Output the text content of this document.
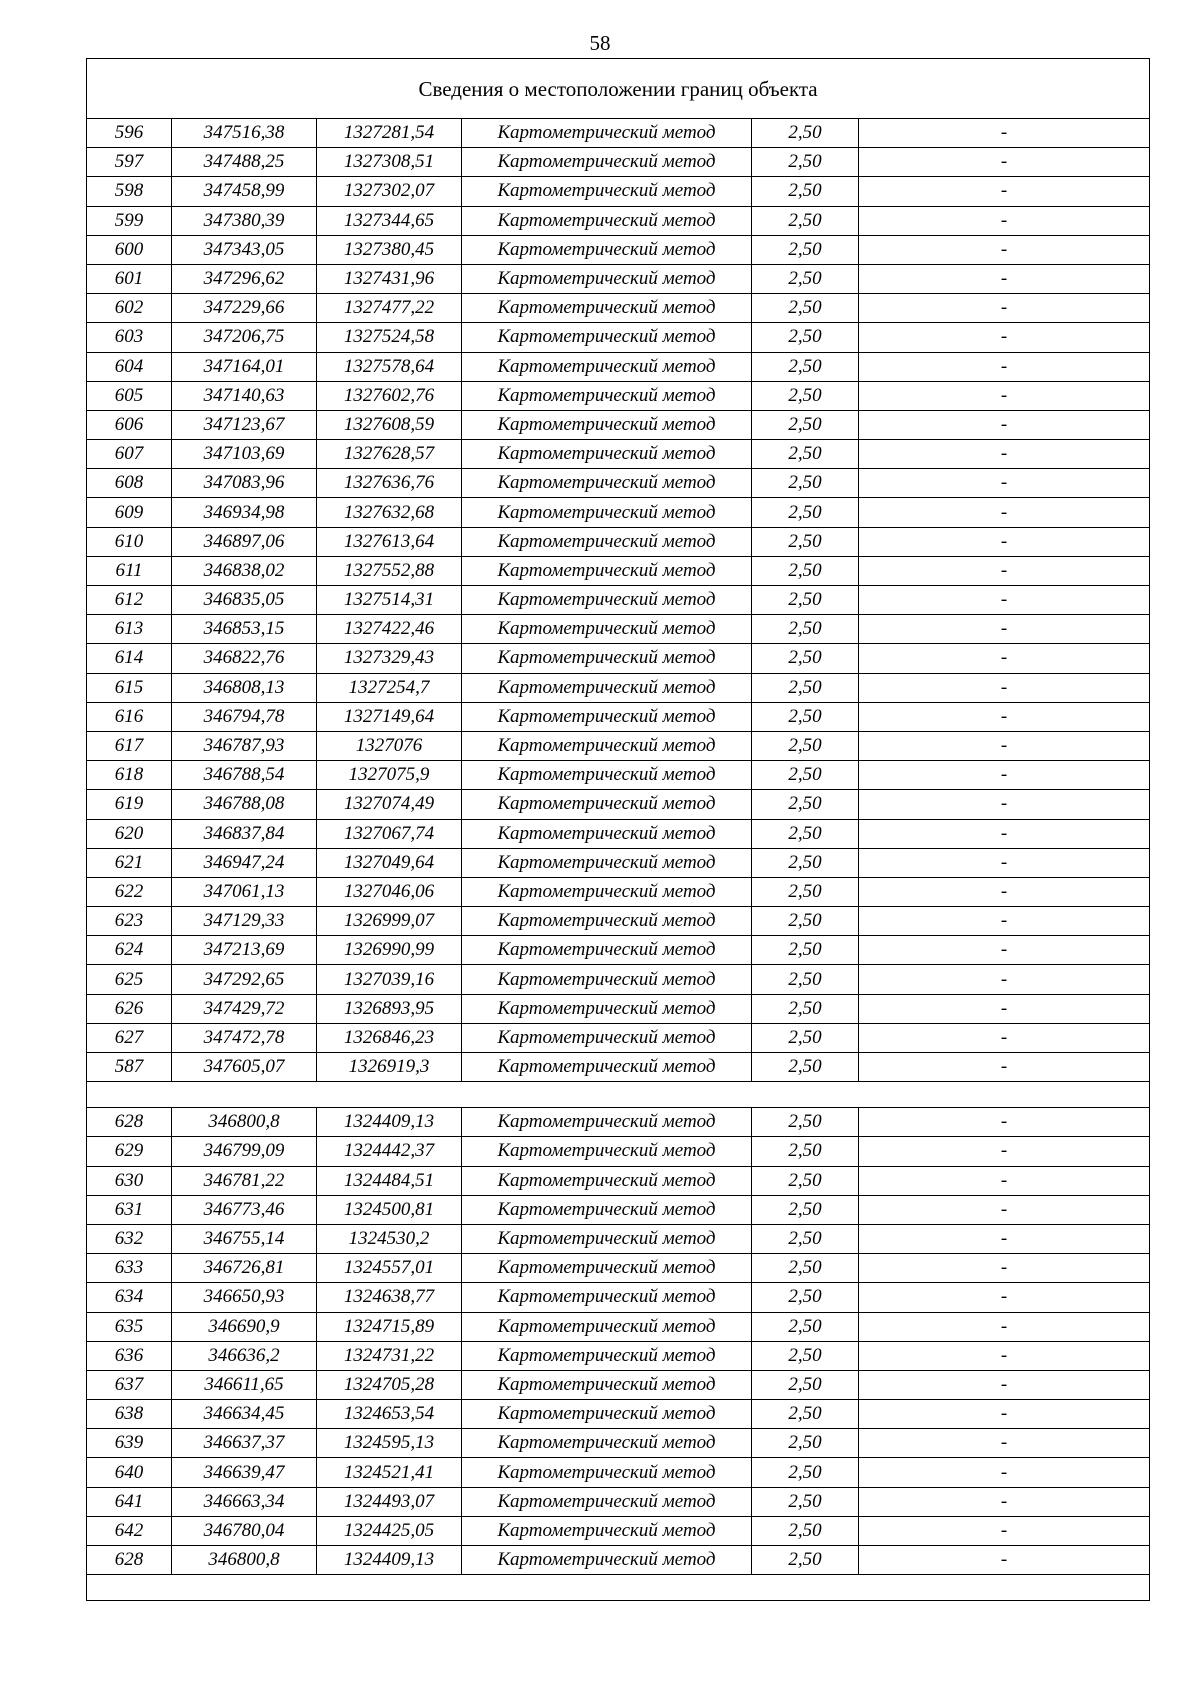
58
Сведения о местоположении границ объекта					
596	347516,38	1327281,54	Картометрический метод	2,50	-
597	347488,25	1327308,51	Картометрический метод	2,50	-
598	347458,99	1327302,07	Картометрический метод	2,50	-
599	347380,39	1327344,65	Картометрический метод	2,50	-
600	347343,05	1327380,45	Картометрический метод	2,50	-
601	347296,62	1327431,96	Картометрический метод	2,50	-
602	347229,66	1327477,22	Картометрический метод	2,50	-
603	347206,75	1327524,58	Картометрический метод	2,50	-
604	347164,01	1327578,64	Картометрический метод	2,50	-
605	347140,63	1327602,76	Картометрический метод	2,50	-
606	347123,67	1327608,59	Картометрический метод	2,50	-
607	347103,69	1327628,57	Картометрический метод	2,50	-
608	347083,96	1327636,76	Картометрический метод	2,50	-
609	346934,98	1327632,68	Картометрический метод	2,50	-
610	346897,06	1327613,64	Картометрический метод	2,50	-
611	346838,02	1327552,88	Картометрический метод	2,50	-
612	346835,05	1327514,31	Картометрический метод	2,50	-
613	346853,15	1327422,46	Картометрический метод	2,50	-
614	346822,76	1327329,43	Картометрический метод	2,50	-
615	346808,13	1327254,7	Картометрический метод	2,50	-
616	346794,78	1327149,64	Картометрический метод	2,50	-
617	346787,93	1327076	Картометрический метод	2,50	-
618	346788,54	1327075,9	Картометрический метод	2,50	-
619	346788,08	1327074,49	Картометрический метод	2,50	-
620	346837,84	1327067,74	Картометрический метод	2,50	-
621	346947,24	1327049,64	Картометрический метод	2,50	-
622	347061,13	1327046,06	Картометрический метод	2,50	-
623	347129,33	1326999,07	Картометрический метод	2,50	-
624	347213,69	1326990,99	Картометрический метод	2,50	-
625	347292,65	1327039,16	Картометрический метод	2,50	-
626	347429,72	1326893,95	Картометрический метод	2,50	-
627	347472,78	1326846,23	Картометрический метод	2,50	-
587	347605,07	1326919,3	Картометрический метод	2,50	-

628	346800,8	1324409,13	Картометрический метод	2,50	-
629	346799,09	1324442,37	Картометрический метод	2,50	-
630	346781,22	1324484,51	Картометрический метод	2,50	-
631	346773,46	1324500,81	Картометрический метод	2,50	-
632	346755,14	1324530,2	Картометрический метод	2,50	-
633	346726,81	1324557,01	Картометрический метод	2,50	-
634	346650,93	1324638,77	Картометрический метод	2,50	-
635	346690,9	1324715,89	Картометрический метод	2,50	-
636	346636,2	1324731,22	Картометрический метод	2,50	-
637	346611,65	1324705,28	Картометрический метод	2,50	-
638	346634,45	1324653,54	Картометрический метод	2,50	-
639	346637,37	1324595,13	Картометрический метод	2,50	-
640	346639,47	1324521,41	Картометрический метод	2,50	-
641	346663,34	1324493,07	Картометрический метод	2,50	-
642	346780,04	1324425,05	Картометрический метод	2,50	-
628	346800,8	1324409,13	Картометрический метод	2,50	-
